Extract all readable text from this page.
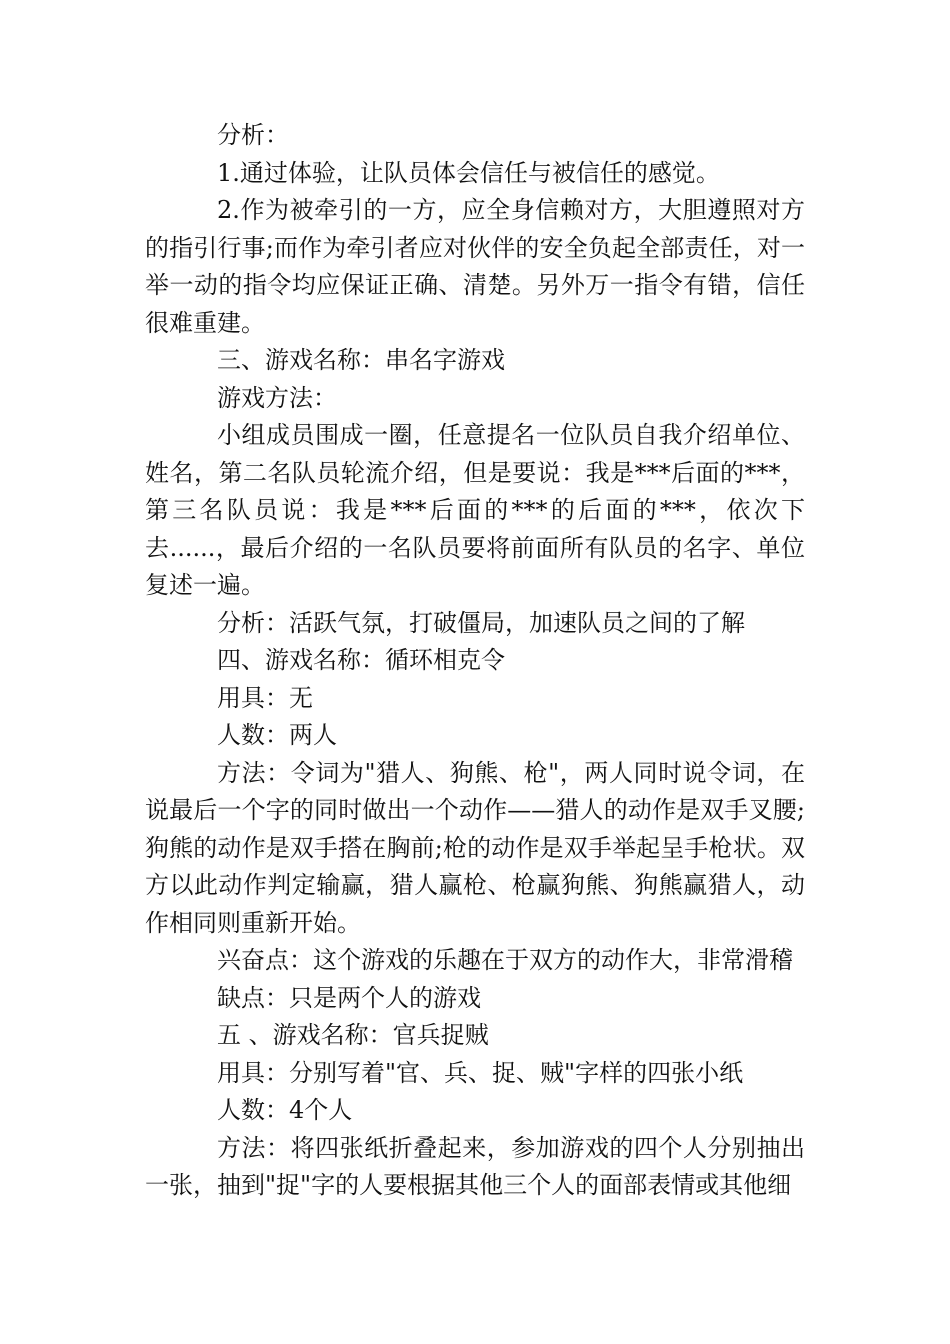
分析：

1.通过体验，让队员体会信任与被信任的感觉。

2.作为被牵引的一方，应全身信赖对方，大胆遵照对方的指引行事;而作为牵引者应对伙伴的安全负起全部责任，对一举一动的指令均应保证正确、清楚。另外万一指令有错，信任很难重建。

三、游戏名称：串名字游戏

游戏方法：

小组成员围成一圈，任意提名一位队员自我介绍单位、姓名，第二名队员轮流介绍，但是要说：我是***后面的***，第三名队员说：我是***后面的***的后面的***，依次下去......，最后介绍的一名队员要将前面所有队员的名字、单位复述一遍。

分析：活跃气氛，打破僵局，加速队员之间的了解

四、游戏名称：循环相克令

用具：无

人数：两人

方法：令词为"猎人、狗熊、枪"，两人同时说令词，在说最后一个字的同时做出一个动作——猎人的动作是双手叉腰;狗熊的动作是双手搭在胸前;枪的动作是双手举起呈手枪状。双方以此动作判定输赢，猎人赢枪、枪赢狗熊、狗熊赢猎人，动作相同则重新开始。

兴奋点：这个游戏的乐趣在于双方的动作大，非常滑稽

缺点：只是两个人的游戏

五 、游戏名称：官兵捉贼

用具：分别写着"官、兵、捉、贼"字样的四张小纸

人数：4个人

方法：将四张纸折叠起来，参加游戏的四个人分别抽出一张，抽到"捉"字的人要根据其他三个人的面部表情或其他细
